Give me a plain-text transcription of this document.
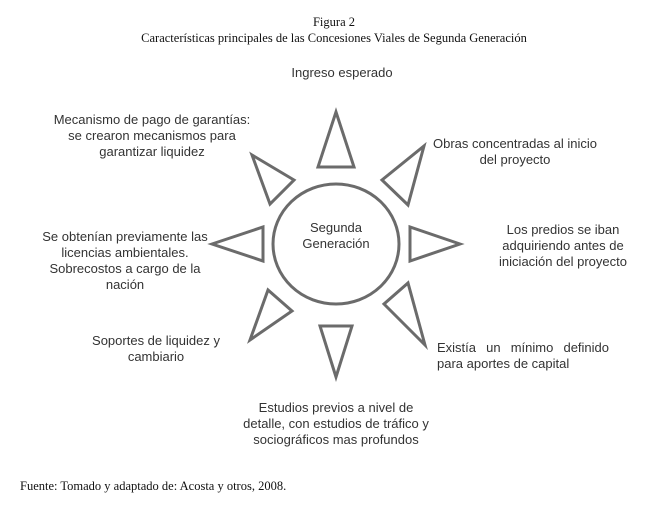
Figura 2
Características principales de las Concesiones Viales de Segunda Generación
Segunda
Generación
Ingreso esperado
Obras concentradas al inicio
del proyecto
Los predios se iban
adquiriendo antes de
iniciación del proyecto
Existía un mínimo definido
para aportes de capital
Estudios previos a nivel de
detalle, con estudios de tráfico y
sociográficos mas profundos
Soportes de liquidez y
cambiario
Se obtenían previamente las
licencias ambientales.
Sobrecostos a cargo de la
nación
Mecanismo de pago de garantías:
se crearon mecanismos para
garantizar liquidez
Fuente: Tomado y adaptado de: Acosta y otros, 2008.
